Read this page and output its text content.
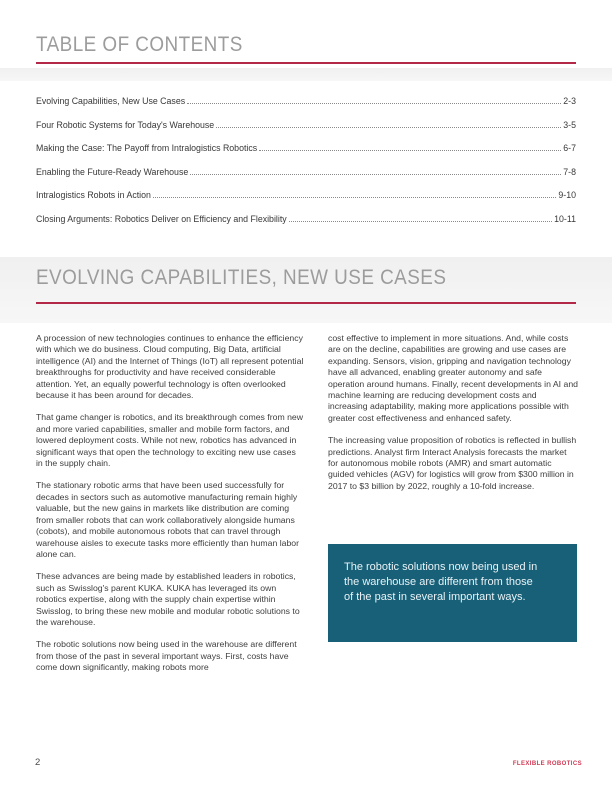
TABLE OF CONTENTS
Evolving Capabilities, New Use Cases	2-3
Four Robotic Systems for Today's Warehouse	3-5
Making the Case: The Payoff from Intralogistics Robotics	6-7
Enabling the Future-Ready Warehouse	7-8
Intralogistics Robots in Action	9-10
Closing Arguments: Robotics Deliver on Efficiency and Flexibility	10-11
EVOLVING CAPABILITIES, NEW USE CASES

A procession of new technologies continues to enhance the efficiency with which we do business. Cloud computing, Big Data, artificial intelligence (AI) and the Internet of Things (IoT) all represent potential breakthroughs for productivity and have received considerable attention. Yet, an equally powerful technology is often overlooked because it has been around for decades.

That game changer is robotics, and its breakthrough comes from new and more varied capabilities, smaller and mobile form factors, and lowered deployment costs. While not new, robotics has advanced in significant ways that open the technology to exciting new use cases in the supply chain.

The stationary robotic arms that have been used successfully for decades in sectors such as automotive manufacturing remain highly valuable, but the new gains in markets like distribution are coming from smaller robots that can work collaboratively alongside humans (cobots), and mobile autonomous robots that can travel through warehouse aisles to execute tasks more efficiently than human labor alone can.

These advances are being made by established leaders in robotics, such as Swisslog's parent KUKA. KUKA has leveraged its own robotics expertise, along with the supply chain expertise within Swisslog, to bring these new mobile and modular robotic solutions to the warehouse.

The robotic solutions now being used in the warehouse are different from those of the past in several important ways. First, costs have come down significantly, making robots more

cost effective to implement in more situations. And, while costs are on the decline, capabilities are growing and use cases are expanding. Sensors, vision, gripping and navigation technology have all advanced, enabling greater autonomy and safe operation around humans. Finally, recent developments in AI and machine learning are reducing development costs and increasing adaptability, making more applications possible with greater cost effectiveness and enhanced safety.

The increasing value proposition of robotics is reflected in bullish predictions. Analyst firm Interact Analysis forecasts the market for autonomous mobile robots (AMR) and smart automatic guided vehicles (AGV) for logistics will grow from $300 million in 2017 to $3 billion by 2022, roughly a 10-fold increase.

The robotic solutions now being used in the warehouse are different from those of the past in several important ways.
2	FLEXIBLE ROBOTICS
